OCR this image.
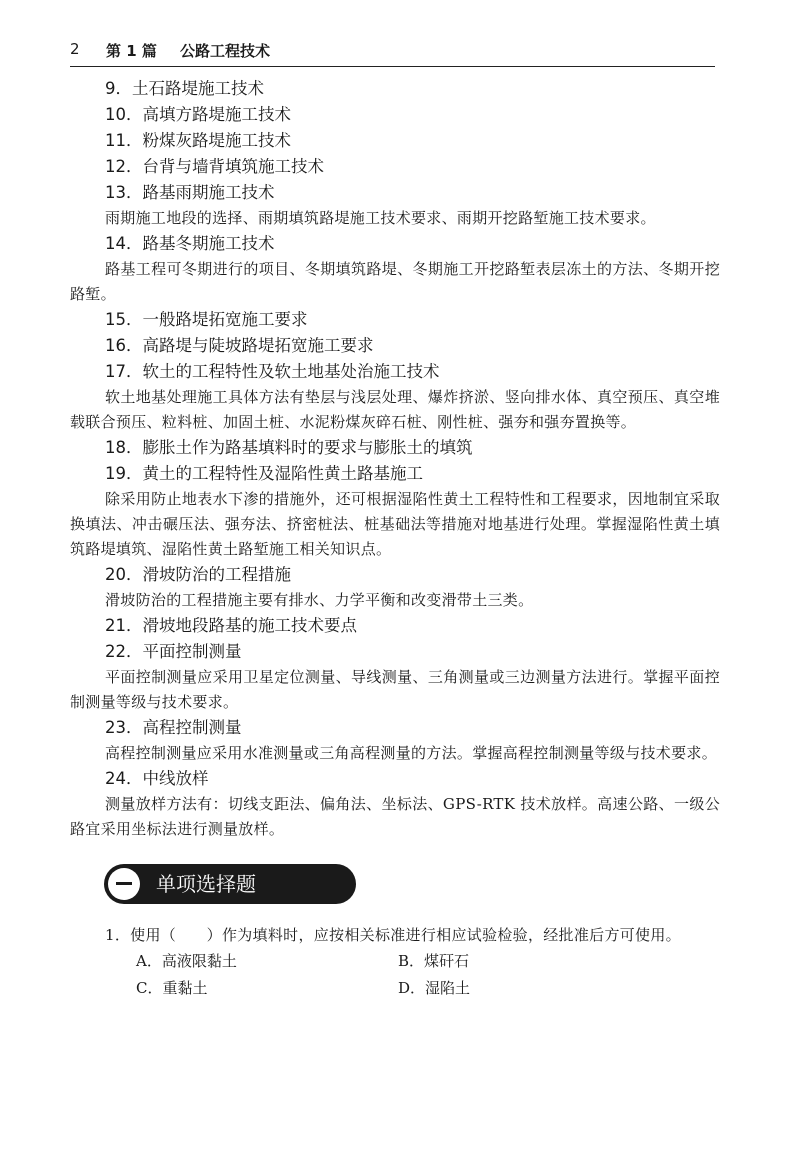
2 第 1 篇 公路工程技术
9．土石路堤施工技术
10．高填方路堤施工技术
11．粉煤灰路堤施工技术
12．台背与墙背填筑施工技术
13．路基雨期施工技术
雨期施工地段的选择、雨期填筑路堤施工技术要求、雨期开挖路堑施工技术要求。
14．路基冬期施工技术
路基工程可冬期进行的项目、冬期填筑路堤、冬期施工开挖路堑表层冻土的方法、冬期开挖路堑。
15．一般路堤拓宽施工要求
16．高路堤与陡坡路堤拓宽施工要求
17．软土的工程特性及软土地基处治施工技术
软土地基处理施工具体方法有垫层与浅层处理、爆炸挤淤、竖向排水体、真空预压、真空堆载联合预压、粒料桩、加固土桩、水泥粉煤灰碎石桩、刚性桩、强夯和强夯置换等。
18．膨胀土作为路基填料时的要求与膨胀土的填筑
19．黄土的工程特性及湿陷性黄土路基施工
除采用防止地表水下渗的措施外，还可根据湿陷性黄土工程特性和工程要求，因地制宜采取换填法、冲击碾压法、强夯法、挤密桩法、桩基础法等措施对地基进行处理。掌握湿陷性黄土填筑路堤填筑、湿陷性黄土路堑施工相关知识点。
20．滑坡防治的工程措施
滑坡防治的工程措施主要有排水、力学平衡和改变滑带土三类。
21．滑坡地段路基的施工技术要点
22．平面控制测量
平面控制测量应采用卫星定位测量、导线测量、三角测量或三边测量方法进行。掌握平面控制测量等级与技术要求。
23．高程控制测量
高程控制测量应采用水准测量或三角高程测量的方法。掌握高程控制测量等级与技术要求。
24．中线放样
测量放样方法有：切线支距法、偏角法、坐标法、GPS-RTK 技术放样。高速公路、一级公路宜采用坐标法进行测量放样。
单项选择题
1．使用（　　）作为填料时，应按相关标准进行相应试验检验，经批准后方可使用。
A．高液限黏土	B．煤矸石
C．重黏土	D．湿陷土
